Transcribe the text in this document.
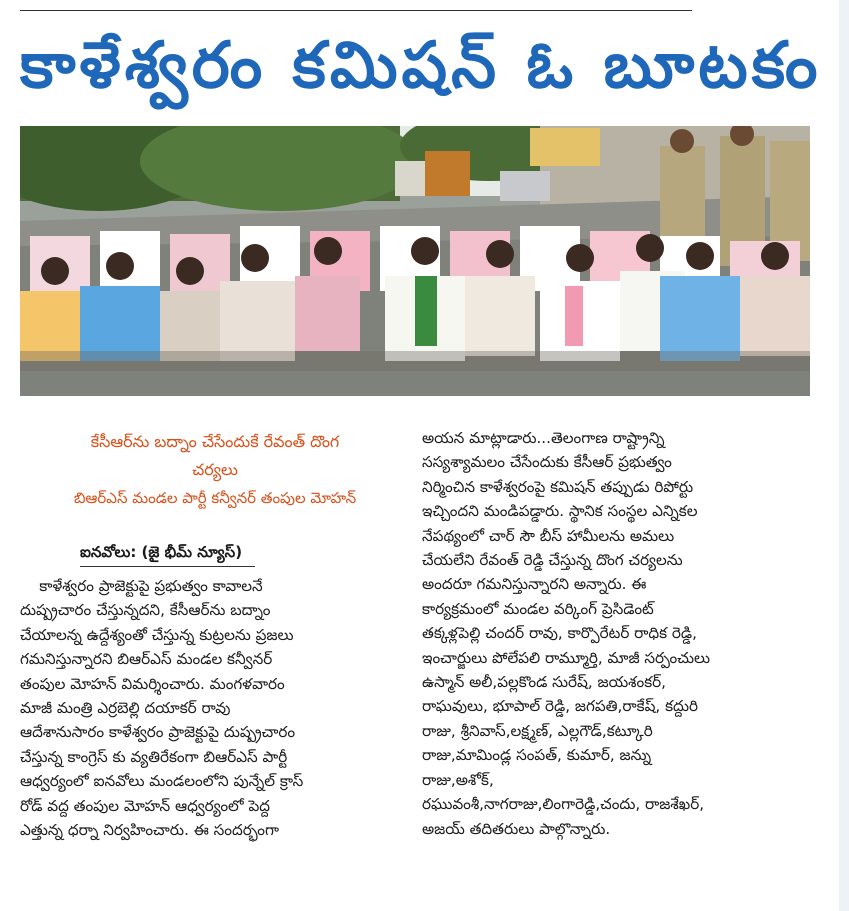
కాళేశ్వరం కమిషన్ ఓ బూటకం
కేసీఆర్‌ను బద్నాం చేసేందుకే రేవంత్ దొంగ
చర్యలు
బిఆర్ఎస్ మండల పార్టీ కన్వీనర్ తంపుల మోహన్
ఐనవోలు: (జై భీమ్ న్యూస్)
కాళేశ్వరం ప్రాజెక్టుపై ప్రభుత్వం కావాలనే
దుష్ప్రచారం చేస్తున్నదని, కేసీఆర్‌ను బద్నాం
చేయాలన్న ఉద్దేశ్యంతో చేస్తున్న కుట్రలను ప్రజలు
గమనిస్తున్నారని బిఆర్ఎస్ మండల కన్వీనర్
తంపుల మోహన్ విమర్శించారు. మంగళవారం
మాజీ మంత్రి ఎర్రబెల్లి దయాకర్ రావు
ఆదేశానుసారం కాళేశ్వరం ప్రాజెక్టుపై దుష్ప్రచారం
చేస్తున్న కాంగ్రెస్ కు వ్యతిరేకంగా బిఆర్ఎస్ పార్టీ
ఆధ్వర్యంలో ఐనవోలు మండలంలోని పున్నేల్ క్రాస్
రోడ్ వద్ద తంపుల మోహన్ ఆధ్వర్యంలో పెద్ద
ఎత్తున్న ధర్నా నిర్వహించారు. ఈ సందర్భంగా
అయన మాట్లాడారు...తెలంగాణ రాష్ట్రాన్ని
సస్యశ్యామలం చేసేందుకు కేసీఆర్ ప్రభుత్వం
నిర్మించిన కాళేశ్వరంపై కమిషన్ తప్పుడు రిపోర్టు
ఇచ్చిందని మండిపడ్డారు. స్థానిక సంస్థల ఎన్నికల
నేపథ్యంలో చార్ సౌ బీస్ హామీలను అమలు
చేయలేని రేవంత్ రెడ్డి చేస్తున్న దొంగ చర్యలను
అందరూ గమనిస్తున్నారని అన్నారు. ఈ
కార్యక్రమంలో మండల వర్కింగ్ ప్రెసిడెంట్
తక్కళ్లపెల్లి చందర్ రావు, కార్పొరేటర్ రాధిక రెడ్డి,
ఇంచార్జులు పోలేపలి రామ్మూర్తి, మాజీ సర్పంచులు
ఉస్మాన్ అలీ,పల్లకొండ సురేష్, జయశంకర్,
రాఘవులు, భూపాల్ రెడ్డి, జగపతి,రాకేష్, కద్దురి
రాజు, శ్రీనివాస్,లక్ష్మణ్, ఎల్లగౌడ్,కట్కూరి
రాజు,మామిండ్ల సంపత్, కుమార్, జన్ను
రాజు,అశోక్,
రఘువంశీ,నాగరాజు,లింగారెడ్డి,చందు, రాజశేఖర్,
అజయ్ తదితరులు పాల్గొన్నారు.
